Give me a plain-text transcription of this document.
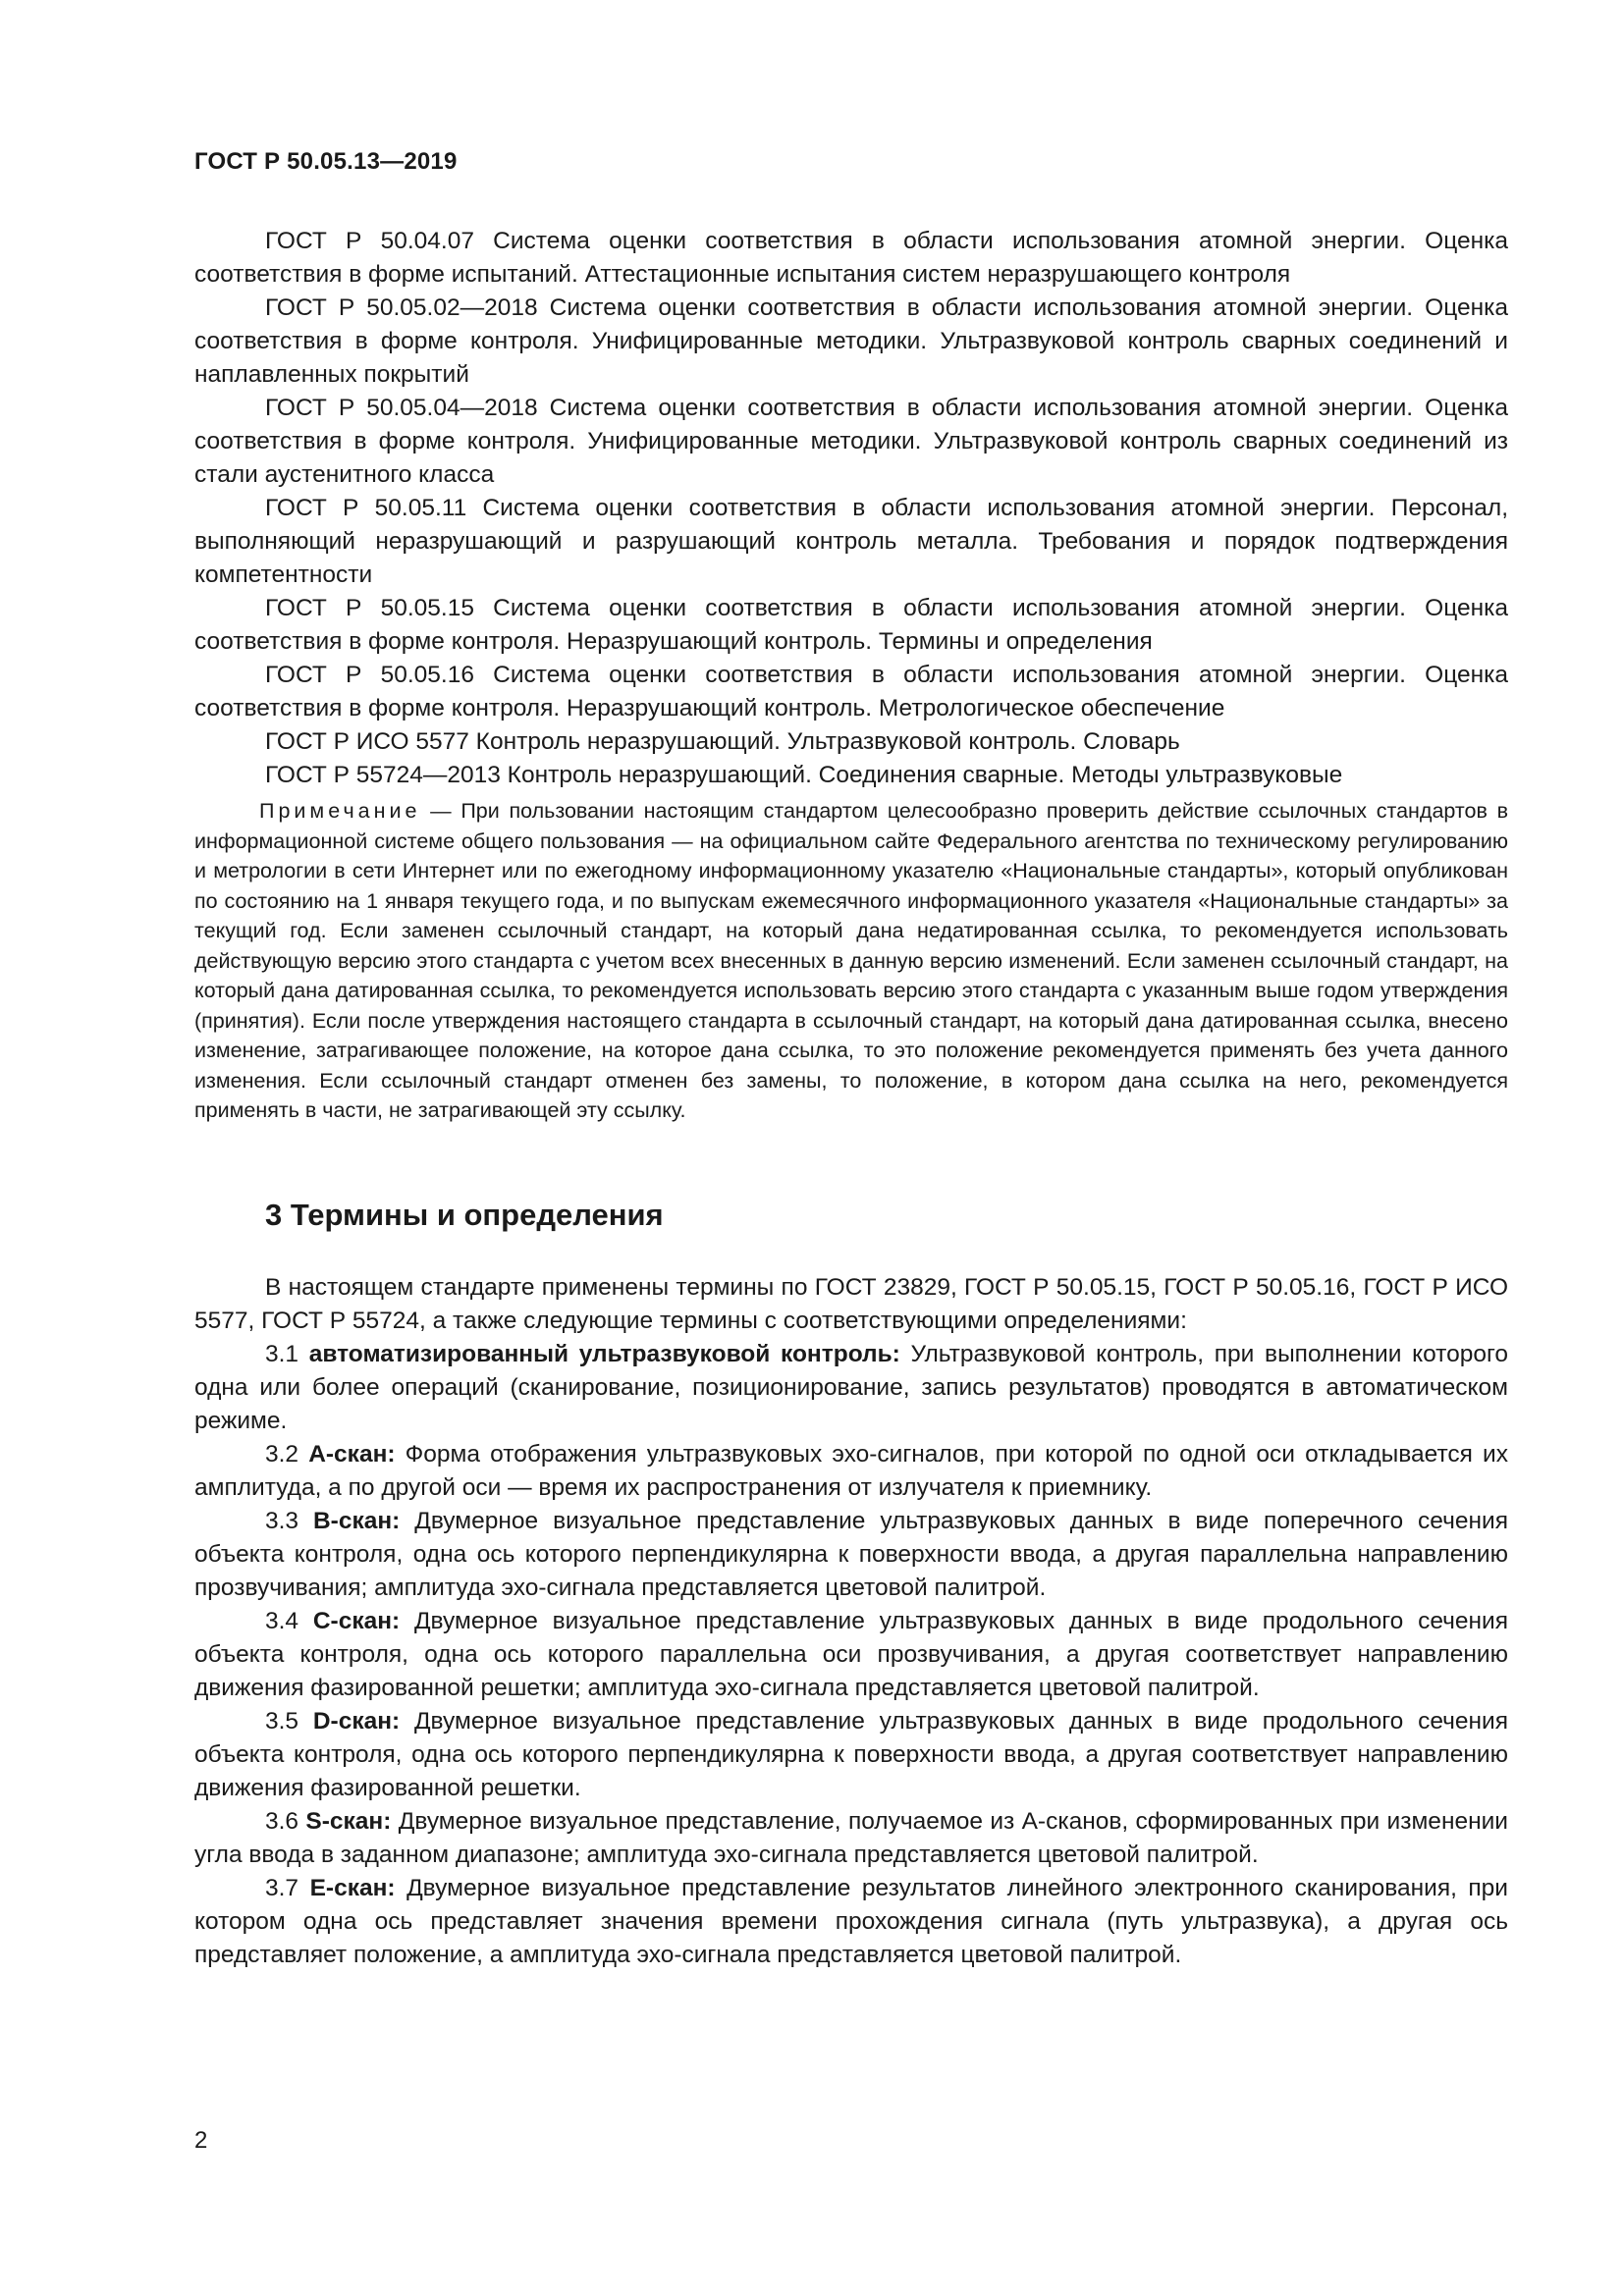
ГОСТ Р 50.05.13—2019

ГОСТ Р 50.04.07 Система оценки соответствия в области использования атомной энергии. Оценка соответствия в форме испытаний. Аттестационные испытания систем неразрушающего контроля

ГОСТ Р 50.05.02—2018 Система оценки соответствия в области использования атомной энергии. Оценка соответствия в форме контроля. Унифицированные методики. Ультразвуковой контроль сварных соединений и наплавленных покрытий

ГОСТ Р 50.05.04—2018 Система оценки соответствия в области использования атомной энергии. Оценка соответствия в форме контроля. Унифицированные методики. Ультразвуковой контроль сварных соединений из стали аустенитного класса

ГОСТ Р 50.05.11 Система оценки соответствия в области использования атомной энергии. Персонал, выполняющий неразрушающий и разрушающий контроль металла. Требования и порядок подтверждения компетентности

ГОСТ Р 50.05.15 Система оценки соответствия в области использования атомной энергии. Оценка соответствия в форме контроля. Неразрушающий контроль. Термины и определения

ГОСТ Р 50.05.16 Система оценки соответствия в области использования атомной энергии. Оценка соответствия в форме контроля. Неразрушающий контроль. Метрологическое обеспечение

ГОСТ Р ИСО 5577 Контроль неразрушающий. Ультразвуковой контроль. Словарь

ГОСТ Р 55724—2013 Контроль неразрушающий. Соединения сварные. Методы ультразвуковые

Примечание — При пользовании настоящим стандартом целесообразно проверить действие ссылочных стандартов в информационной системе общего пользования — на официальном сайте Федерального агентства по техническому регулированию и метрологии в сети Интернет или по ежегодному информационному указателю «Национальные стандарты», который опубликован по состоянию на 1 января текущего года, и по выпускам ежемесячного информационного указателя «Национальные стандарты» за текущий год. Если заменен ссылочный стандарт, на который дана недатированная ссылка, то рекомендуется использовать действующую версию этого стандарта с учетом всех внесенных в данную версию изменений. Если заменен ссылочный стандарт, на который дана датированная ссылка, то рекомендуется использовать версию этого стандарта с указанным выше годом утверждения (принятия). Если после утверждения настоящего стандарта в ссылочный стандарт, на который дана датированная ссылка, внесено изменение, затрагивающее положение, на которое дана ссылка, то это положение рекомендуется применять без учета данного изменения. Если ссылочный стандарт отменен без замены, то положение, в котором дана ссылка на него, рекомендуется применять в части, не затрагивающей эту ссылку.

3 Термины и определения

В настоящем стандарте применены термины по ГОСТ 23829, ГОСТ Р 50.05.15, ГОСТ Р 50.05.16, ГОСТ Р ИСО 5577, ГОСТ Р 55724, а также следующие термины с соответствующими определениями:

3.1 автоматизированный ультразвуковой контроль: Ультразвуковой контроль, при выполнении которого одна или более операций (сканирование, позиционирование, запись результатов) проводятся в автоматическом режиме.

3.2 А-скан: Форма отображения ультразвуковых эхо-сигналов, при которой по одной оси откладывается их амплитуда, а по другой оси — время их распространения от излучателя к приемнику.

3.3 В-скан: Двумерное визуальное представление ультразвуковых данных в виде поперечного сечения объекта контроля, одна ось которого перпендикулярна к поверхности ввода, а другая параллельна направлению прозвучивания; амплитуда эхо-сигнала представляется цветовой палитрой.

3.4 С-скан: Двумерное визуальное представление ультразвуковых данных в виде продольного сечения объекта контроля, одна ось которого параллельна оси прозвучивания, а другая соответствует направлению движения фазированной решетки; амплитуда эхо-сигнала представляется цветовой палитрой.

3.5 D-скан: Двумерное визуальное представление ультразвуковых данных в виде продольного сечения объекта контроля, одна ось которого перпендикулярна к поверхности ввода, а другая соответствует направлению движения фазированной решетки.

3.6 S-скан: Двумерное визуальное представление, получаемое из А-сканов, сформированных при изменении угла ввода в заданном диапазоне; амплитуда эхо-сигнала представляется цветовой палитрой.

3.7 Е-скан: Двумерное визуальное представление результатов линейного электронного сканирования, при котором одна ось представляет значения времени прохождения сигнала (путь ультразвука), а другая ось представляет положение, а амплитуда эхо-сигнала представляется цветовой палитрой.

2
